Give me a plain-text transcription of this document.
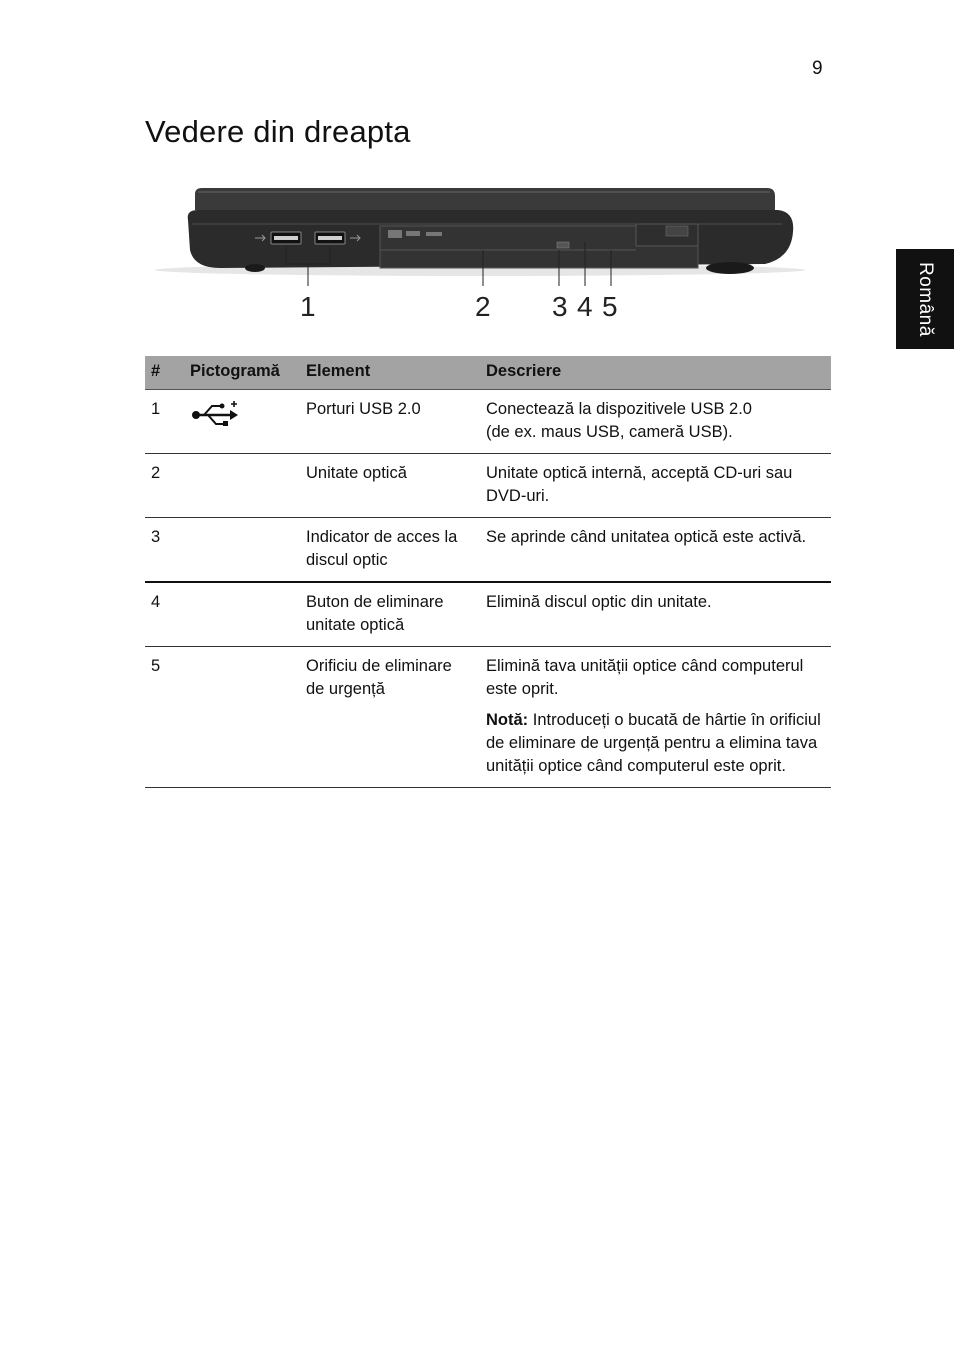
9
Vedere din dreapta
Română
1	2 3 4 5
#	Pictogramă	Element	Descriere
1		Porturi USB 2.0	Conectează la dispozitivele USB 2.0
(de ex. maus USB, cameră USB).

2		Unitate optică	Unitate optică internă, acceptă CD-uri sau DVD-uri.
3		Indicator de acces la discul optic	Se aprinde când unitatea optică este activă.
4		Buton de eliminare unitate optică	Elimină discul optic din unitate.
5		Orificiu de eliminare de urgență	Elimină tava unității optice când computerul este oprit.
Notă: Introduceți o bucată de hârtie în orificiul de eliminare de urgență pentru a elimina tava unității optice când computerul este oprit.
